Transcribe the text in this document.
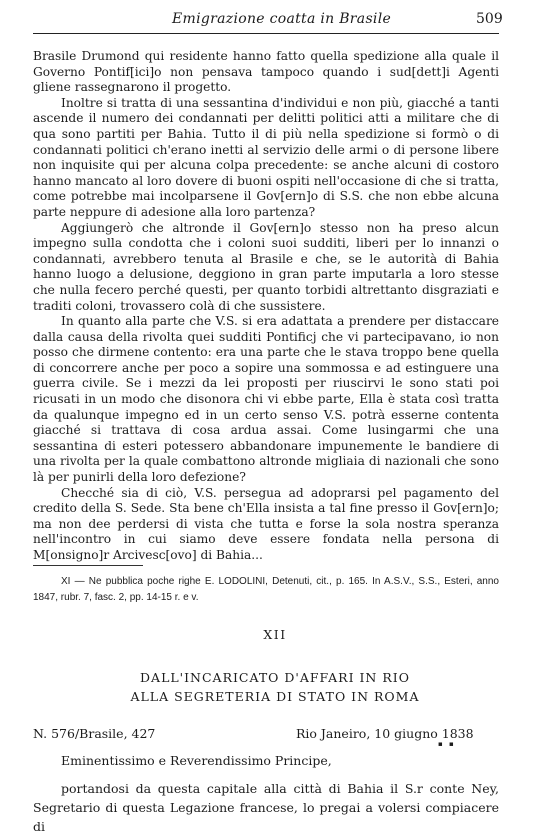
Emigrazione coatta in Brasile	509

Brasile Drumond qui residente hanno fatto quella spedizione alla quale il Governo Pontif[ici]o non pensava tampoco quando i sud[dett]i Agenti gliene rassegnarono il progetto.

Inoltre si tratta di una sessantina d'individui e non più, giacché a tanti ascende il numero dei condannati per delitti politici atti a militare che di qua sono partiti per Bahia. Tutto il di più nella spedizione si formò o di condannati politici ch'erano inetti al servizio delle armi o di persone libere non inquisite qui per alcuna colpa precedente: se anche alcuni di costoro hanno mancato al loro dovere di buoni ospiti nell'occasione di che si tratta, come potrebbe mai incolparsene il Gov[ern]o di S.S. che non ebbe alcuna parte neppure di adesione alla loro partenza?

Aggiungerò che altronde il Gov[ern]o stesso non ha preso alcun impegno sulla condotta che i coloni suoi sudditi, liberi per lo innanzi o condannati, avrebbero tenuta al Brasile e che, se le autorità di Bahia hanno luogo a delusione, deggiono in gran parte imputarla a loro stesse che nulla fecero perché questi, per quanto torbidi altrettanto disgraziati e traditi coloni, trovassero colà di che sussistere.

In quanto alla parte che V.S. si era adattata a prendere per distaccare dalla causa della rivolta quei sudditi Pontificj che vi partecipavano, io non posso che dirmene contento: era una parte che le stava troppo bene quella di concorrere anche per poco a sopire una sommossa e ad estinguere una guerra civile. Se i mezzi da lei proposti per riuscirvi le sono stati poi ricusati in un modo che disonora chi vi ebbe parte, Ella è stata così tratta da qualunque impegno ed in un certo senso V.S. potrà esserne contenta giacché si trattava di cosa ardua assai. Come lusingarmi che una sessantina di esteri potessero abbandonare impunemente le bandiere di una rivolta per la quale combattono altronde migliaia di nazionali che sono là per punirli della loro defezione?

Checché sia di ciò, V.S. persegua ad adoprarsi pel pagamento del credito della S. Sede. Sta bene ch'Ella insista a tal fine presso il Gov[ern]o; ma non dee perdersi di vista che tutta e forse la sola nostra speranza nell'incontro in cui siamo deve essere fondata nella persona di M[onsigno]r Arcivesc[ovo] di Bahia...

XI — Ne pubblica poche righe E. LODOLINI, Detenuti, cit., p. 165. In A.S.V., S.S., Esteri, anno 1847, rubr. 7, fasc. 2, pp. 14-15 r. e v.
XII
DALL'INCARICATO D'AFFARI IN RIO
ALLA SEGRETERIA DI STATO IN ROMA
N. 576/Brasile, 427	Rio Janeiro, 10 giugno 1838
▪ ▪
Eminentissimo e Reverendissimo Principe,
portandosi da questa capitale alla città di Bahia il S.r conte Ney, Segretario di questa Legazione francese, lo pregai a volersi compiacere di
